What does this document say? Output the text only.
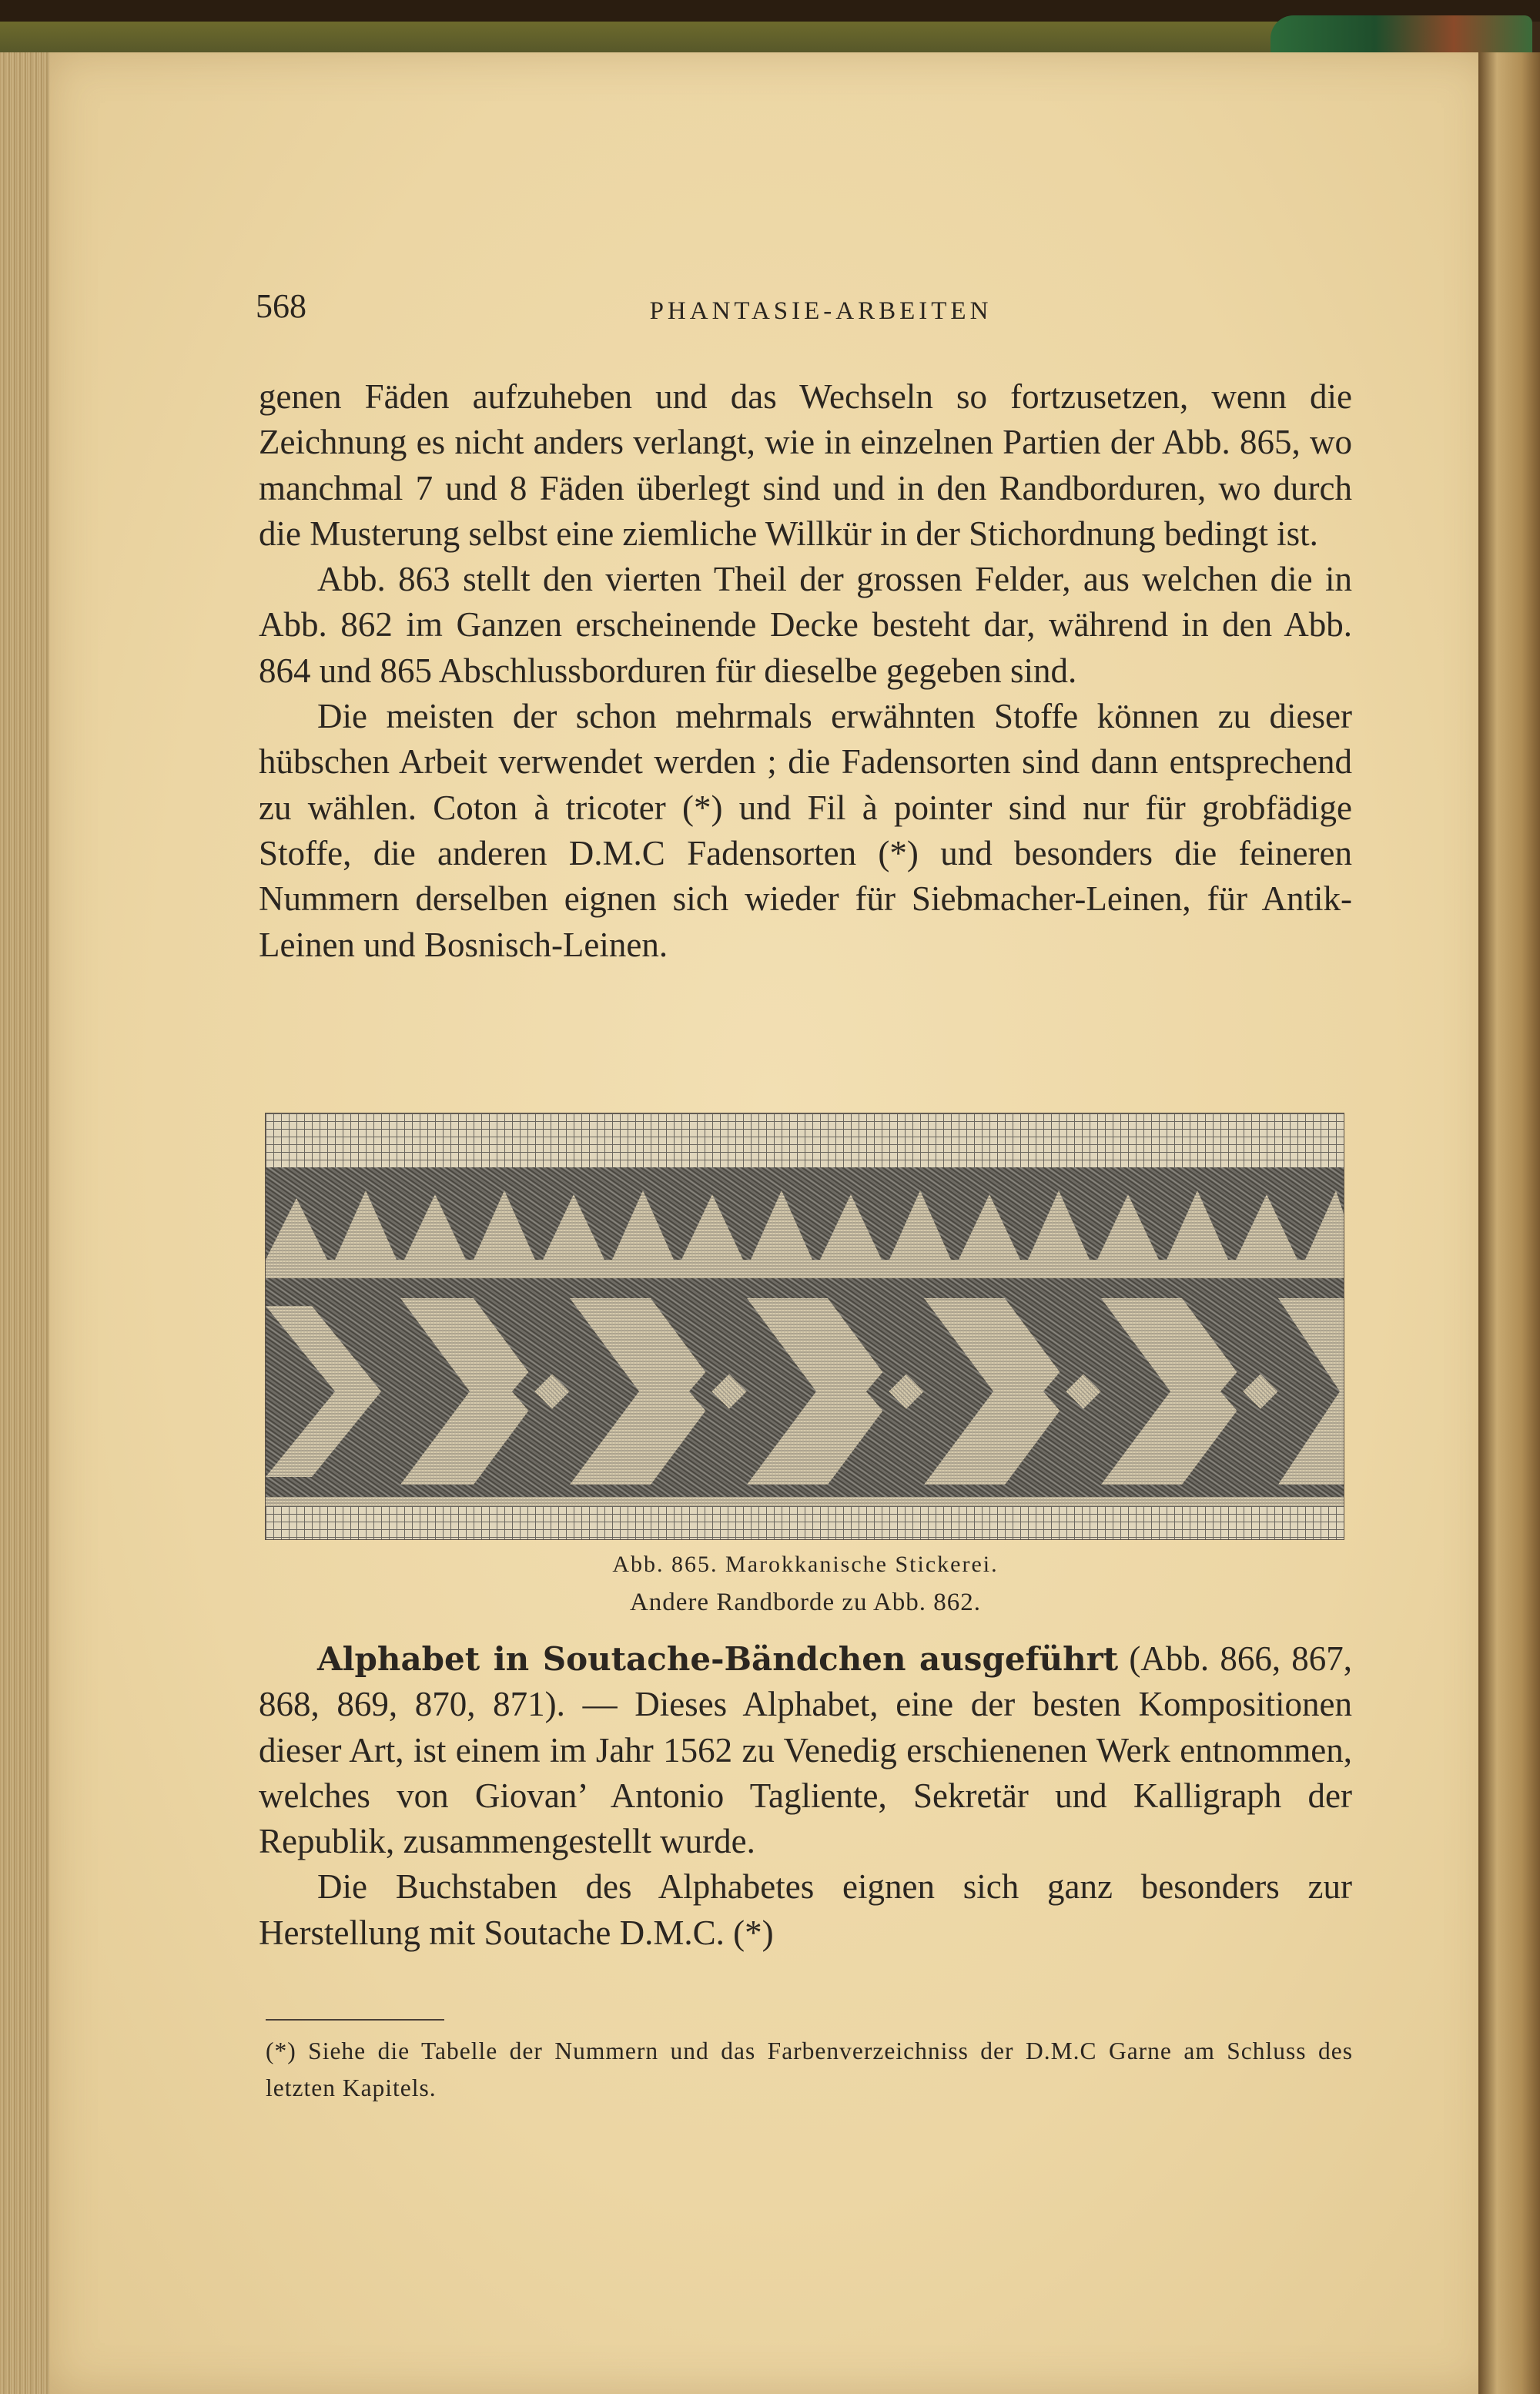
568	PHANTASIE-ARBEITEN

genen Fäden aufzuheben und das Wechseln so fortzusetzen, wenn die Zeichnung es nicht anders verlangt, wie in einzelnen Partien der Abb. 865, wo manchmal 7 und 8 Fäden überlegt sind und in den Randborduren, wo durch die Musterung selbst eine ziemliche Willkür in der Stichordnung bedingt ist.

Abb. 863 stellt den vierten Theil der grossen Felder, aus welchen die in Abb. 862 im Ganzen erscheinende Decke besteht dar, während in den Abb. 864 und 865 Abschlussborduren für dieselbe gegeben sind.

Die meisten der schon mehrmals erwähnten Stoffe können zu dieser hübschen Arbeit verwendet werden ; die Fadensorten sind dann entsprechend zu wählen. Coton à tricoter (*) und Fil à pointer sind nur für grobfädige Stoffe, die anderen D.M.C Fadensorten (*) und besonders die feineren Nummern derselben eignen sich wieder für Siebmacher-Leinen, für Antik-Leinen und Bosnisch-Leinen.

Abb. 865. Marokkanische Stickerei.
Andere Randborde zu Abb. 862.

Alphabet in Soutache-Bändchen ausgeführt (Abb. 866, 867, 868, 869, 870, 871). — Dieses Alphabet, eine der besten Kompositionen dieser Art, ist einem im Jahr 1562 zu Venedig erschienenen Werk entnommen, welches von Giovan’ Antonio Tagliente, Sekretär und Kalligraph der Republik, zusammengestellt wurde.

Die Buchstaben des Alphabetes eignen sich ganz besonders zur Herstellung mit Soutache D.M.C. (*)

(*) Siehe die Tabelle der Nummern und das Farbenverzeichniss der D.M.C Garne am Schluss des letzten Kapitels.
